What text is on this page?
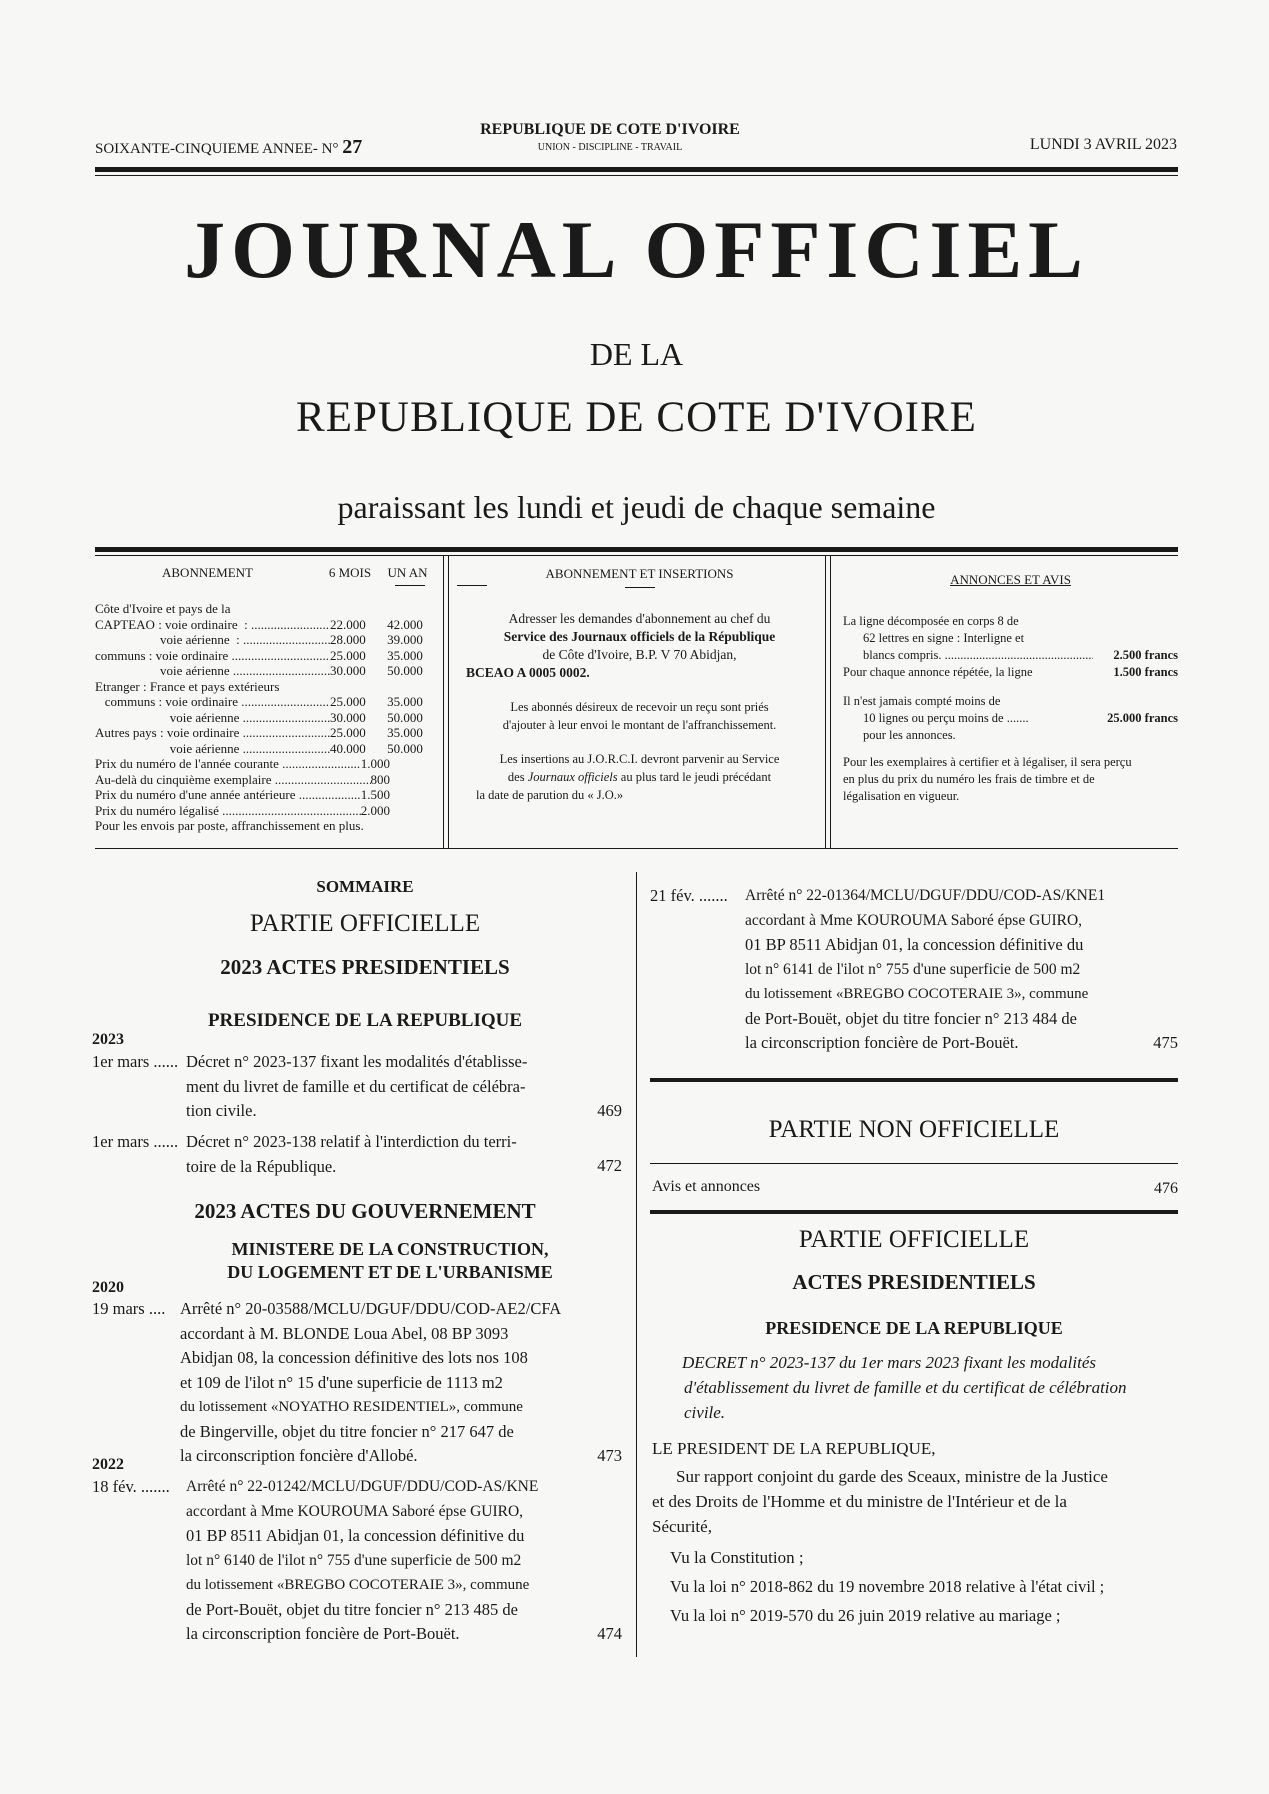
REPUBLIQUE DE COTE D'IVOIRE
UNION - DISCIPLINE - TRAVAIL
SOIXANTE-CINQUIEME ANNEE- N° 27	LUNDI 3 AVRIL 2023
JOURNAL OFFICIEL
DE LA
REPUBLIQUE DE COTE D'IVOIRE
paraissant les lundi et jeudi de chaque semaine
ABONNEMENT	6 MOIS	UN AN
Côte d'Ivoire et pays de la
CAPTEAO : voie ordinaire  : .....	22.000	42.000
voie aérienne  : .....	28.000	39.000
communs : voie ordinaire .....	25.000	35.000
voie aérienne .....	30.000	50.000
Etranger : France et pays extérieurs
communs : voie ordinaire .....	25.000	35.000
voie aérienne .....	30.000	50.000
Autres pays : voie ordinaire .....	25.000	35.000
voie aérienne .....	40.000	50.000
Prix du numéro de l'année courante .....	1.000
Au-delà du cinquième exemplaire .....	800
Prix du numéro d'une année antérieure .....	1.500
Prix du numéro légalisé .....	2.000
Pour les envois par poste, affranchissement en plus.
ABONNEMENT ET INSERTIONS
Adresser les demandes d'abonnement au chef du
Service des Journaux officiels de la République
de Côte d'Ivoire, B.P. V 70 Abidjan,
BCEAO A 0005 0002.
Les abonnés désireux de recevoir un reçu sont priés
d'ajouter à leur envoi le montant de l'affranchissement.
Les insertions au J.O.R.C.I. devront parvenir au Service
des Journaux officiels au plus tard le jeudi précédant
la date de parution du « J.O.»
ANNONCES ET AVIS
La ligne décomposée en corps 8 de
62 lettres en signe : Interligne et
blancs compris. .....	2.500 francs
Pour chaque annonce répétée, la ligne	1.500 francs
Il n'est jamais compté moins de
10 lignes ou perçu moins de .....	25.000 francs
pour les annonces.
Pour les exemplaires à certifier et à légaliser, il sera perçu
en plus du prix du numéro les frais de timbre et de
légalisation en vigueur.
SOMMAIRE
PARTIE OFFICIELLE
2023 ACTES PRESIDENTIELS
PRESIDENCE DE LA REPUBLIQUE
2023
1er mars ...... Décret n° 2023-137 fixant les modalités d'établisse-
ment du livret de famille et du certificat de célébra-
tion civile.	469
1er mars ...... Décret n° 2023-138 relatif à l'interdiction du terri-
toire de la République.	472
2023 ACTES DU GOUVERNEMENT
MINISTERE DE LA CONSTRUCTION,
DU LOGEMENT ET DE L'URBANISME
2020
19 mars .... Arrêté n° 20-03588/MCLU/DGUF/DDU/COD-AE2/CFA
accordant à M. BLONDE Loua Abel, 08 BP 3093
Abidjan 08, la concession définitive des lots nos 108
et 109 de l'ilot n° 15 d'une superficie de 1113 m2
du lotissement «NOYATHO RESIDENTIEL», commune
de Bingerville, objet du titre foncier n° 217 647 de
la circonscription foncière d'Allobé.	473
2022
18 fév. ....... Arrêté n° 22-01242/MCLU/DGUF/DDU/COD-AS/KNE
accordant à Mme KOUROUMA Saboré épse GUIRO,
01 BP 8511 Abidjan 01, la concession définitive du
lot n° 6140 de l'ilot n° 755 d'une superficie de 500 m2
du lotissement «BREGBO COCOTERAIE 3», commune
de Port-Bouët, objet du titre foncier n° 213 485 de
la circonscription foncière de Port-Bouët.	474
21 fév. ....... Arrêté n° 22-01364/MCLU/DGUF/DDU/COD-AS/KNE1
accordant à Mme KOUROUMA Saboré épse GUIRO,
01 BP 8511 Abidjan 01, la concession définitive du
lot n° 6141 de l'ilot n° 755 d'une superficie de 500 m2
du lotissement «BREGBO COCOTERAIE 3», commune
de Port-Bouët, objet du titre foncier n° 213 484 de
la circonscription foncière de Port-Bouët.	475
PARTIE NON OFFICIELLE
Avis et annonces	476
PARTIE OFFICIELLE
ACTES PRESIDENTIELS
PRESIDENCE DE LA REPUBLIQUE
DECRET n° 2023-137 du 1er mars 2023 fixant les modalités
d'établissement du livret de famille et du certificat de célébration
civile.
LE PRESIDENT DE LA REPUBLIQUE,
Sur rapport conjoint du garde des Sceaux, ministre de la Justice
et des Droits de l'Homme et du ministre de l'Intérieur et de la
Sécurité,
Vu la Constitution ;
Vu la loi n° 2018-862 du 19 novembre 2018 relative à l'état civil ;
Vu la loi n° 2019-570 du 26 juin 2019 relative au mariage ;
